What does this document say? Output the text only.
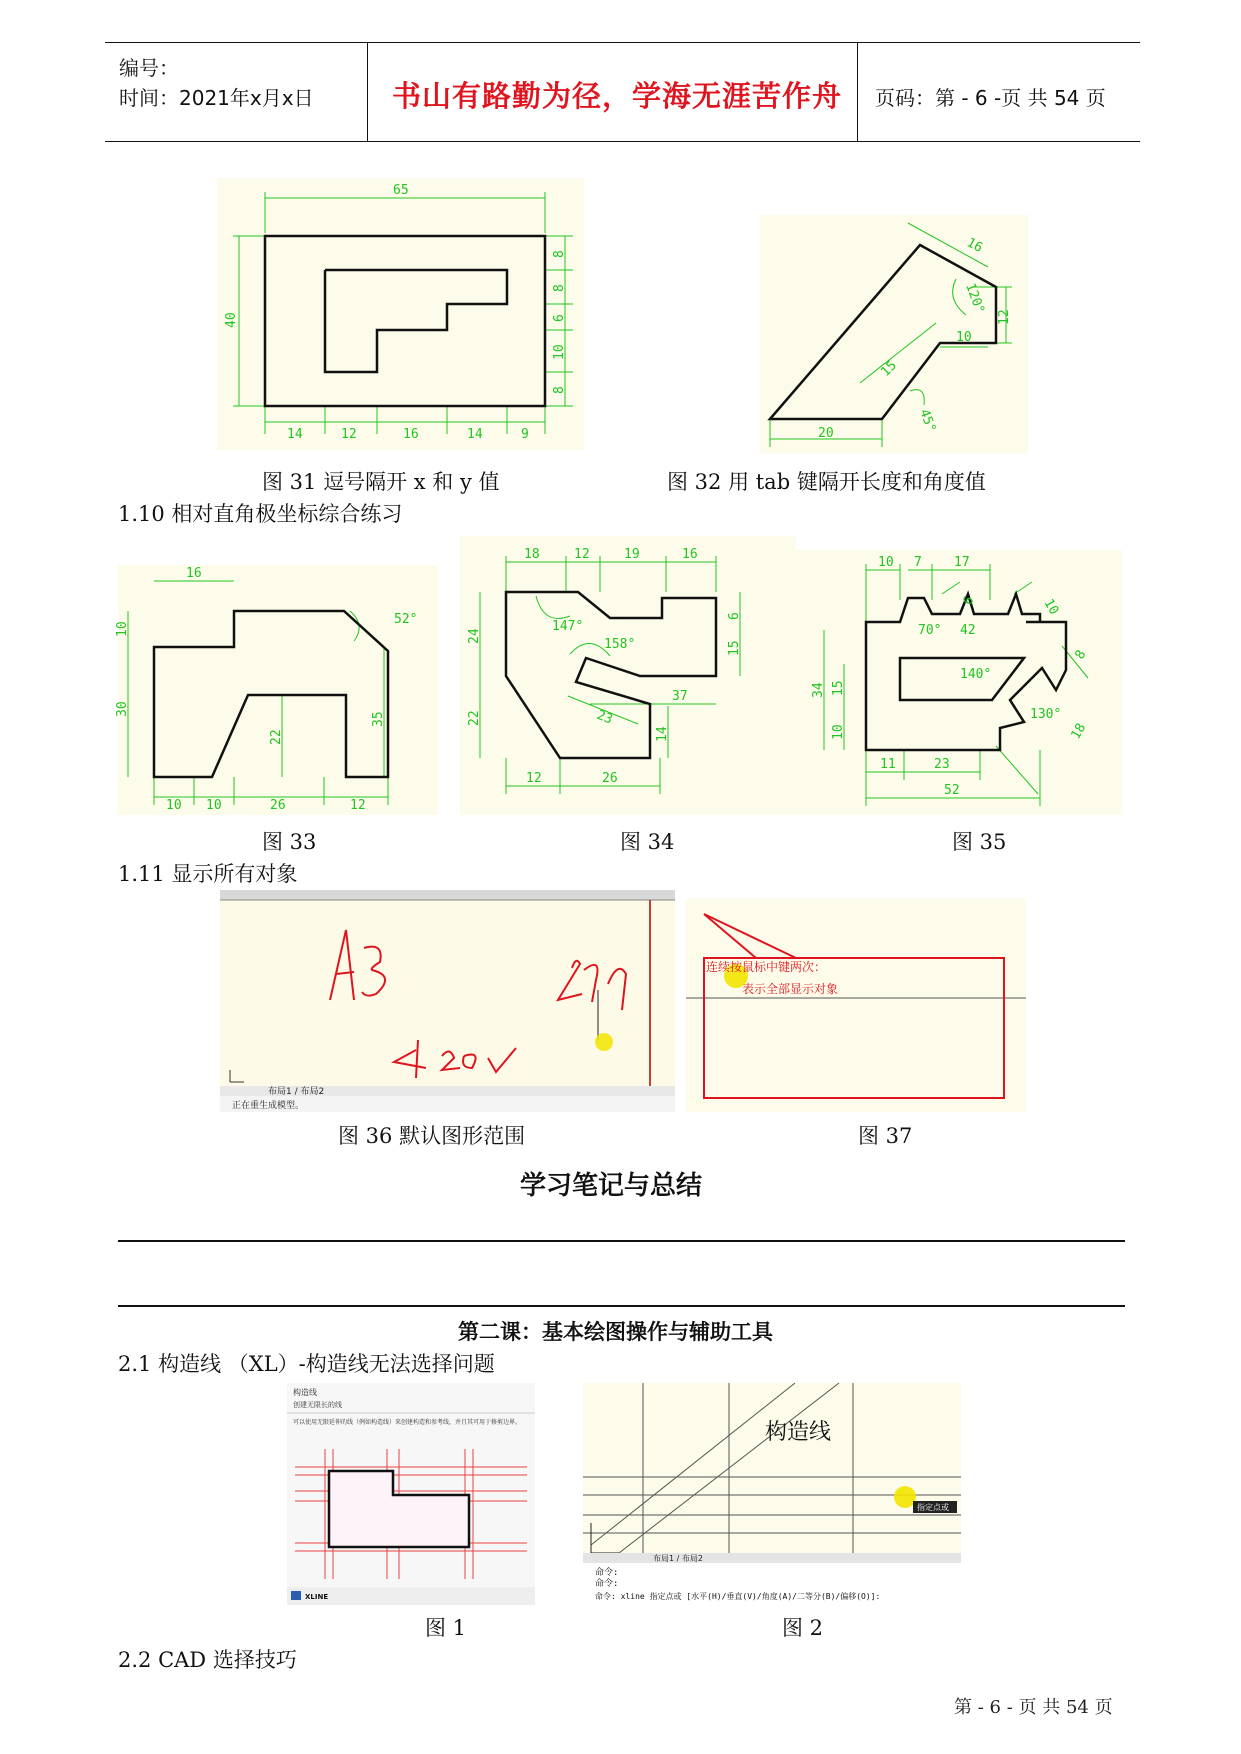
编号：
时间：2021年x月x日	书山有路勤为径，学海无涯苦作舟 页码：第 - 6 -页 共 54 页
65
40
14	12	16	14	9
8
8
6
10
8
16
120°
12
10
15
45°
20
图 31 逗号隔开 x 和 y 值	图 32 用 tab 键隔开长度和角度值
1.10 相对直角极坐标综合练习
16
10
30
52°
35
22
10 10	26	12
18	12	19	16
147°
158°
6
15
24
37
23
22
14
12	26
10 7 17
6	10
70° 42
8
34 15
140°
10
130°
18
11	23
52
图 33	图 34	图 35
1.11 显示所有对象
布局1 / 布局2
正在重生成模型。
连续按鼠标中键两次：
表示全部显示对象
图 36 默认图形范围	图 37
学习笔记与总结
第二课：基本绘图操作与辅助工具
2.1 构造线 （XL）-构造线无法选择问题
构造线
创建无限长的线
可以使用无限延伸的线（例如构造线）来创建构造和参考线，并且其可用于修剪边界。
XLINE
构造线
指定点或
布局1 / 布局2
命令:
命令:
命令: xline 指定点或 [水平(H)/垂直(V)/角度(A)/二等分(B)/偏移(O)]:
图 1	图 2
2.2 CAD 选择技巧
第 - 6 - 页 共 54 页
